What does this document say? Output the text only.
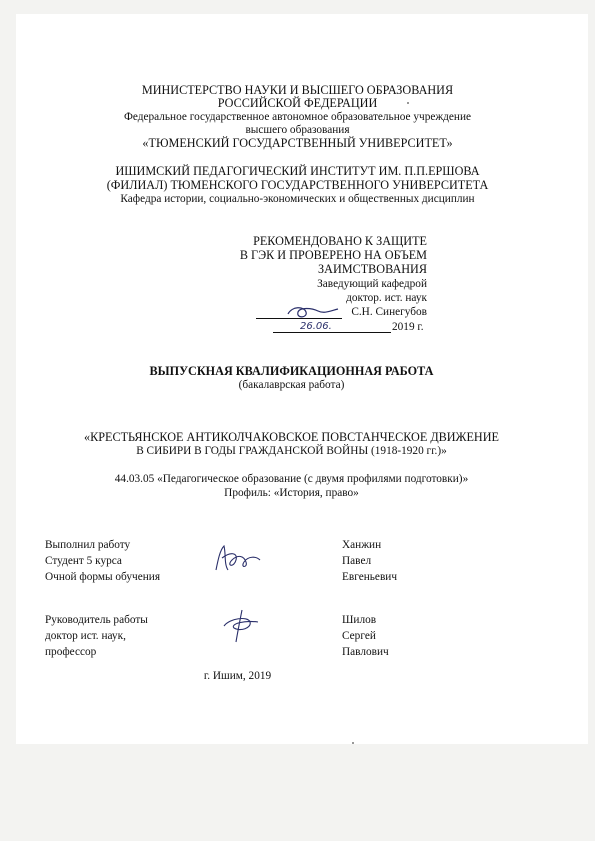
МИНИСТЕРСТВО НАУКИ И ВЫСШЕГО ОБРАЗОВАНИЯ
РОССИЙСКОЙ ФЕДЕРАЦИИ
Федеральное государственное автономное образовательное учреждение
высшего образования
«ТЮМЕНСКИЙ ГОСУДАРСТВЕННЫЙ УНИВЕРСИТЕТ»
ИШИМСКИЙ ПЕДАГОГИЧЕСКИЙ ИНСТИТУТ ИМ. П.П.ЕРШОВА
(ФИЛИАЛ) ТЮМЕНСКОГО ГОСУДАРСТВЕННОГО УНИВЕРСИТЕТА
Кафедра истории, социально-экономических и общественных дисциплин
РЕКОМЕНДОВАНО К ЗАЩИТЕ
В ГЭК И ПРОВЕРЕНО НА ОБЪЕМ
ЗАИМСТВОВАНИЯ
Заведующий кафедрой
доктор. ист. наук
С.Н. Синегубов
26.06.	2019 г.
ВЫПУСКНАЯ КВАЛИФИКАЦИОННАЯ РАБОТА
(бакалаврская работа)
«КРЕСТЬЯНСКОЕ АНТИКОЛЧАКОВСКОЕ ПОВСТАНЧЕСКОЕ ДВИЖЕНИЕ
В СИБИРИ В ГОДЫ ГРАЖДАНСКОЙ ВОЙНЫ (1918-1920 гг.)»
44.03.05 «Педагогическое образование (с двумя профилями подготовки)»
Профиль: «История, право»
Выполнил работу
Студент 5 курса
Очной формы обучения
Ханжин
Павел
Евгеньевич
Руководитель работы
доктор ист. наук,
профессор
Шилов
Сергей
Павлович
г. Ишим, 2019
